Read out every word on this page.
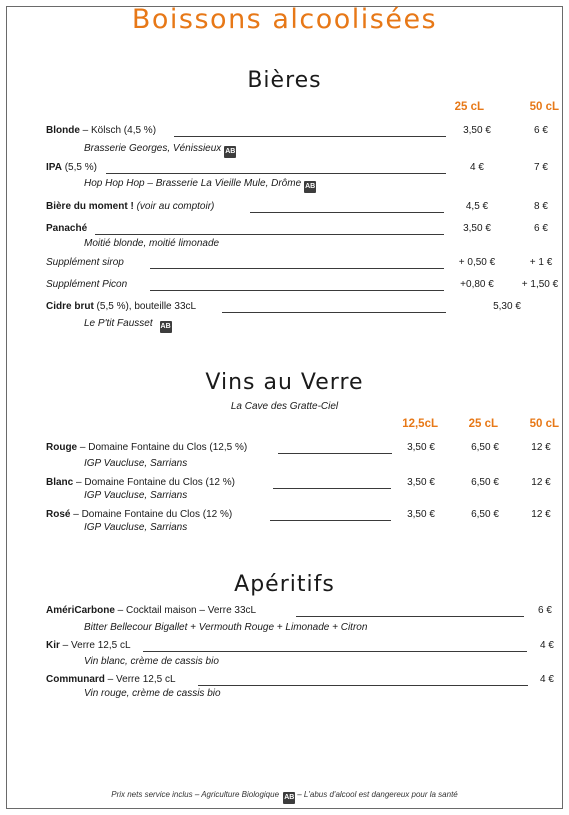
Boissons alcoolisées
Bières
25 cL	50 cL
Blonde – Kölsch (4,5 %)	3,50 €	6 €
Brasserie Georges, Vénissieux AB
IPA (5,5 %)	4 €	7 €
Hop Hop Hop – Brasserie La Vieille Mule, Drôme AB
Bière du moment ! (voir au comptoir)	4,5 €	8 €
Panaché	3,50 €	6 €
Moitié blonde, moitié limonade
Supplément sirop	+ 0,50 €	+ 1 €
Supplément Picon	+0,80 €	+ 1,50 €
Cidre brut (5,5 %), bouteille 33cL	5,30 €
Le P'tit Fausset AB
Vins au Verre
La Cave des Gratte-Ciel
12,5cL	25 cL	50 cL
Rouge – Domaine Fontaine du Clos (12,5 %)	3,50 €	6,50 €	12 €
IGP Vaucluse, Sarrians
Blanc – Domaine Fontaine du Clos (12 %)	3,50 €	6,50 €	12 €
IGP Vaucluse, Sarrians
Rosé – Domaine Fontaine du Clos (12 %)	3,50 €	6,50 €	12 €
IGP Vaucluse, Sarrians
Apéritifs
AmériCarbone – Cocktail maison – Verre 33cL	6 €
Bitter Bellecour Bigallet + Vermouth Rouge + Limonade + Citron
Kir – Verre 12,5 cL	4 €
Vin blanc, crème de cassis bio
Communard – Verre 12,5 cL	4 €
Vin rouge, crème de cassis bio
Prix nets service inclus – Agriculture Biologique AB – L'abus d'alcool est dangereux pour la santé
